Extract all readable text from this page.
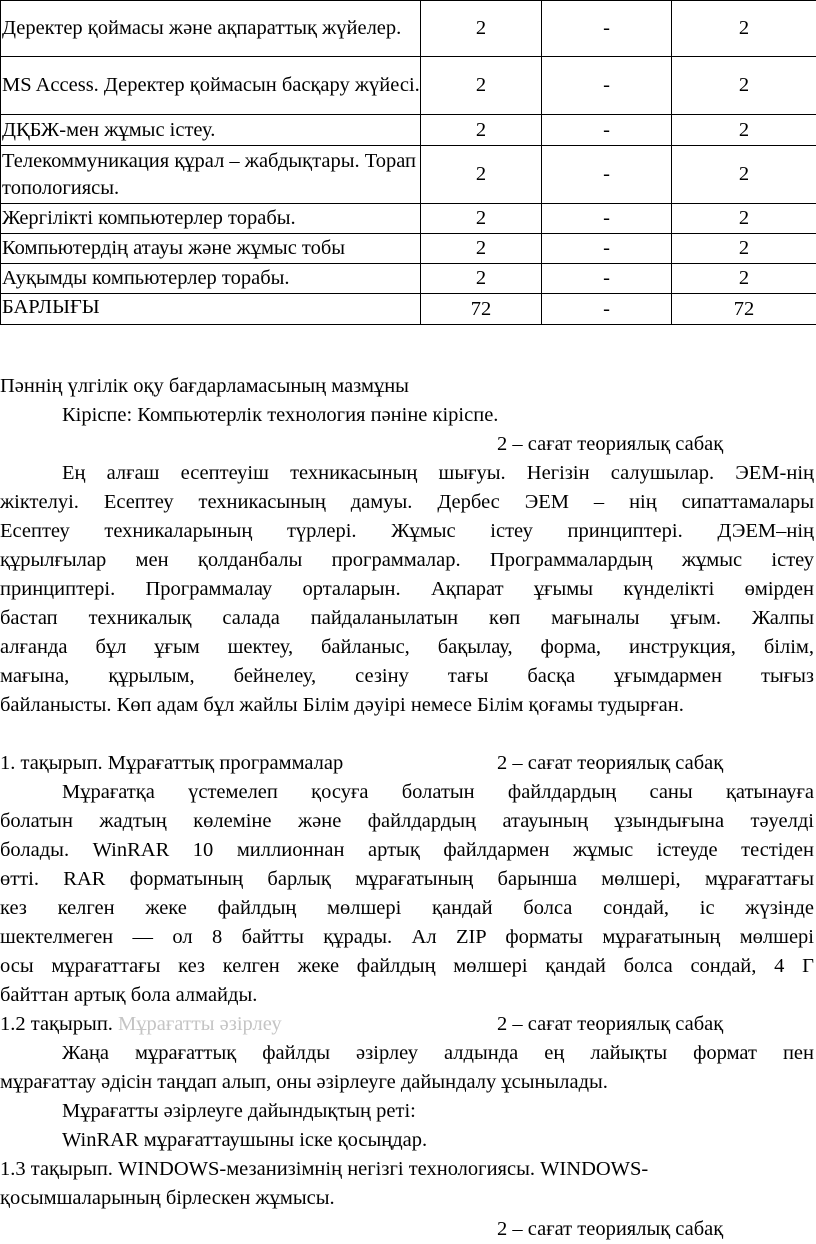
Деректер қоймасы және ақпараттық жүйелер.	2	-	2
MS Access. Деректер қоймасын басқару жүйесі.	2	-	2
ДҚБЖ-мен жұмыс істеу.	2	-	2
Телекоммуникация құрал – жабдықтары. Торап топологиясы.	2	-	2
Жергілікті компьютерлер торабы.	2	-	2
Компьютердің атауы және жұмыс тобы	2	-	2
Ауқымды компьютерлер торабы.	2	-	2
БАРЛЫҒЫ	72	-	72

Пәннің үлгілік оқу бағдарламасының мазмұны

Кіріспе: Компьютерлік технология пәніне кіріспе.

2 – сағат теориялық сабақ

Ең алғаш есептеуіш техникасының шығуы. Негізін салушылар. ЭЕМ-нің

жіктелуі. Есептеу техникасының дамуы. Дербес ЭЕМ – нің сипаттамалары

Есептеу техникаларының түрлері. Жұмыс істеу принциптері. ДЭЕМ–нің

құрылғылар мен қолданбалы программалар. Программалардың жұмыс істеу

принциптері. Программалау орталарын. Ақпарат ұғымы күнделікті өмірден

бастап техникалық салада пайдаланылатын көп мағыналы ұғым. Жалпы

алғанда бұл ұғым шектеу, байланыс, бақылау, форма, инструкция, білім,

мағына, құрылым, бейнелеу, сезіну тағы басқа ұғымдармен тығыз

байланысты. Көп адам бұл жайлы Білім дәуірі немесе Білім қоғамы тудырған.

1. тақырып. Мұрағаттық программалар	2 – сағат теориялық сабақ

Мұрағатқа үстемелеп қосуға болатын файлдардың саны қатынауға

болатын жадтың көлеміне және файлдардың атауының ұзындығына тәуелді

болады. WinRAR 10 миллионнан артық файлдармен жұмыс істеуде тестіден

өтті. RAR форматының барлық мұрағатының барынша мөлшері, мұрағаттағы

кез келген жеке файлдың мөлшері қандай болса сондай, іс жүзінде

шектелмеген — ол 8 байтты құрады. Ал ZIP форматы мұрағатының мөлшері

осы мұрағаттағы кез келген жеке файлдың мөлшері қандай болса сондай, 4 Г

байттан артық бола алмайды.

1.2 тақырып. Мұрағатты әзірлеу	2 – сағат теориялық сабақ

Жаңа мұрағаттық файлды әзірлеу алдында ең лайықты формат пен

мұрағаттау әдісін таңдап алып, оны әзірлеуге дайындалу ұсынылады.

Мұрағатты әзірлеуге дайындықтың реті:

WinRAR мұрағаттаушыны іске қосыңдар.

1.3 тақырып. WINDOWS-мезанизімнің негізгі технологиясы. WINDOWS-

қосымшаларының бірлескен жұмысы.

2 – сағат теориялық сабақ
